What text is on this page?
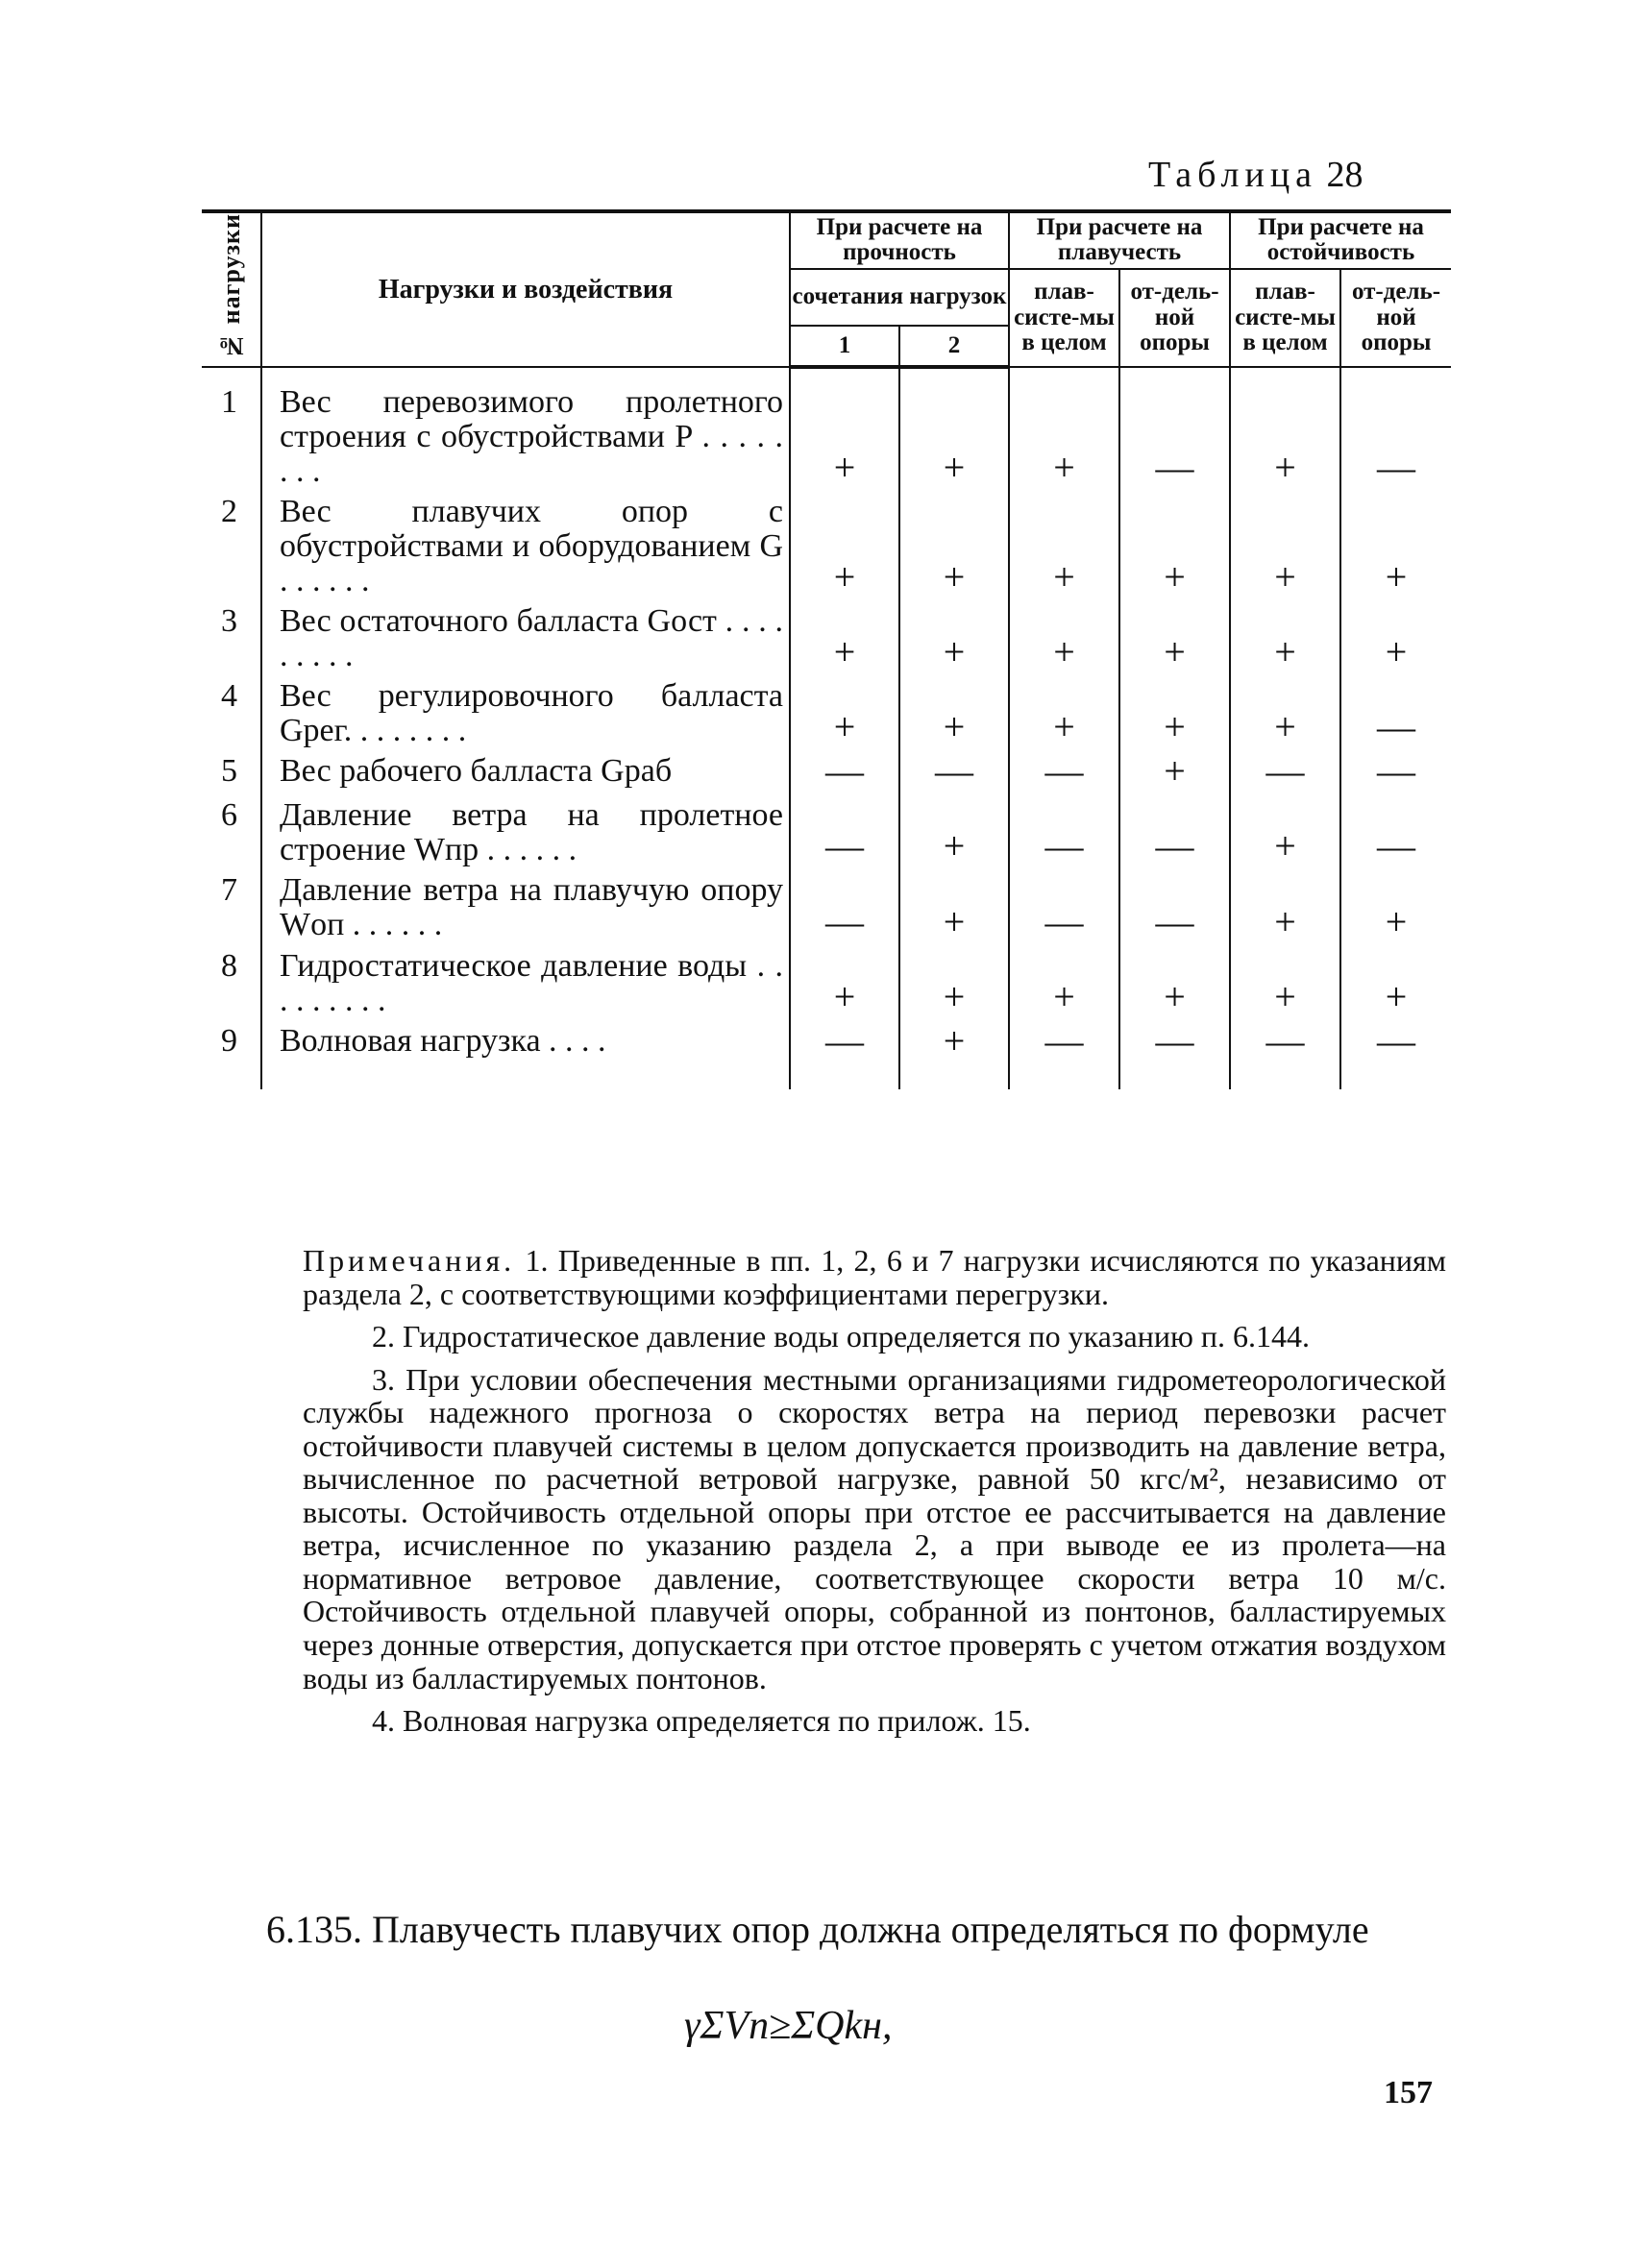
Таблица 28
№ нагрузки	Нагрузки и воздействия	При расчете на прочность		При расчете на плавучесть		При расчете на остойчивость	
		сочетания нагрузок		плав-систе-мы в целом	от-дель-ной опоры	плав-систе-мы в целом	от-дель-ной опоры
		1	2				
1	Вес перевозимого пролетного строения с обустройствами P . . . . . . . .	+	+	+	—	+	—
2	Вес плавучих опор с обустройствами и оборудованием G . . . . . .	+	+	+	+	+	+
3	Вес остаточного балласта Gост . . . . . . . . .	+	+	+	+	+	+
4	Вес регулировочного балласта Gрег. . . . . . . .	+	+	+	+	+	—
5	Вес рабочего балласта Gраб	—	—	—	+	—	—
6	Давление ветра на пролетное строение Wпр . . . . . .	—	+	—	—	+	—
7	Давление ветра на плавучую опору Wоп . . . . . .	—	+	—	—	+	+
8	Гидростатическое давление воды . . . . . . . . .	+	+	+	+	+	+
9	Волновая нагрузка . . . .	—	+	—	—	—	—

Примечания. 1. Приведенные в пп. 1, 2, 6 и 7 нагрузки исчисляются по указаниям раздела 2, с соответствующими коэффициентами перегрузки.

2. Гидростатическое давление воды определяется по указанию п. 6.144.

3. При условии обеспечения местными организациями гидрометеорологической службы надежного прогноза о скоростях ветра на период перевозки расчет остойчивости плавучей системы в целом допускается производить на давление ветра, вычисленное по расчетной ветровой нагрузке, равной 50 кгс/м², независимо от высоты. Остойчивость отдельной опоры при отстое ее рассчитывается на давление ветра, исчисленное по указанию раздела 2, а при выводе ее из пролета—на нормативное ветровое давление, соответствующее скорости ветра 10 м/с. Остойчивость отдельной плавучей опоры, собранной из понтонов, балластируемых через донные отверстия, допускается при отстое проверять с учетом отжатия воздухом воды из балластируемых понтонов.

4. Волновая нагрузка определяется по прилож. 15.

6.135. Плавучесть плавучих опор должна определяться по формуле
γΣVп≥ΣQkн,
157
